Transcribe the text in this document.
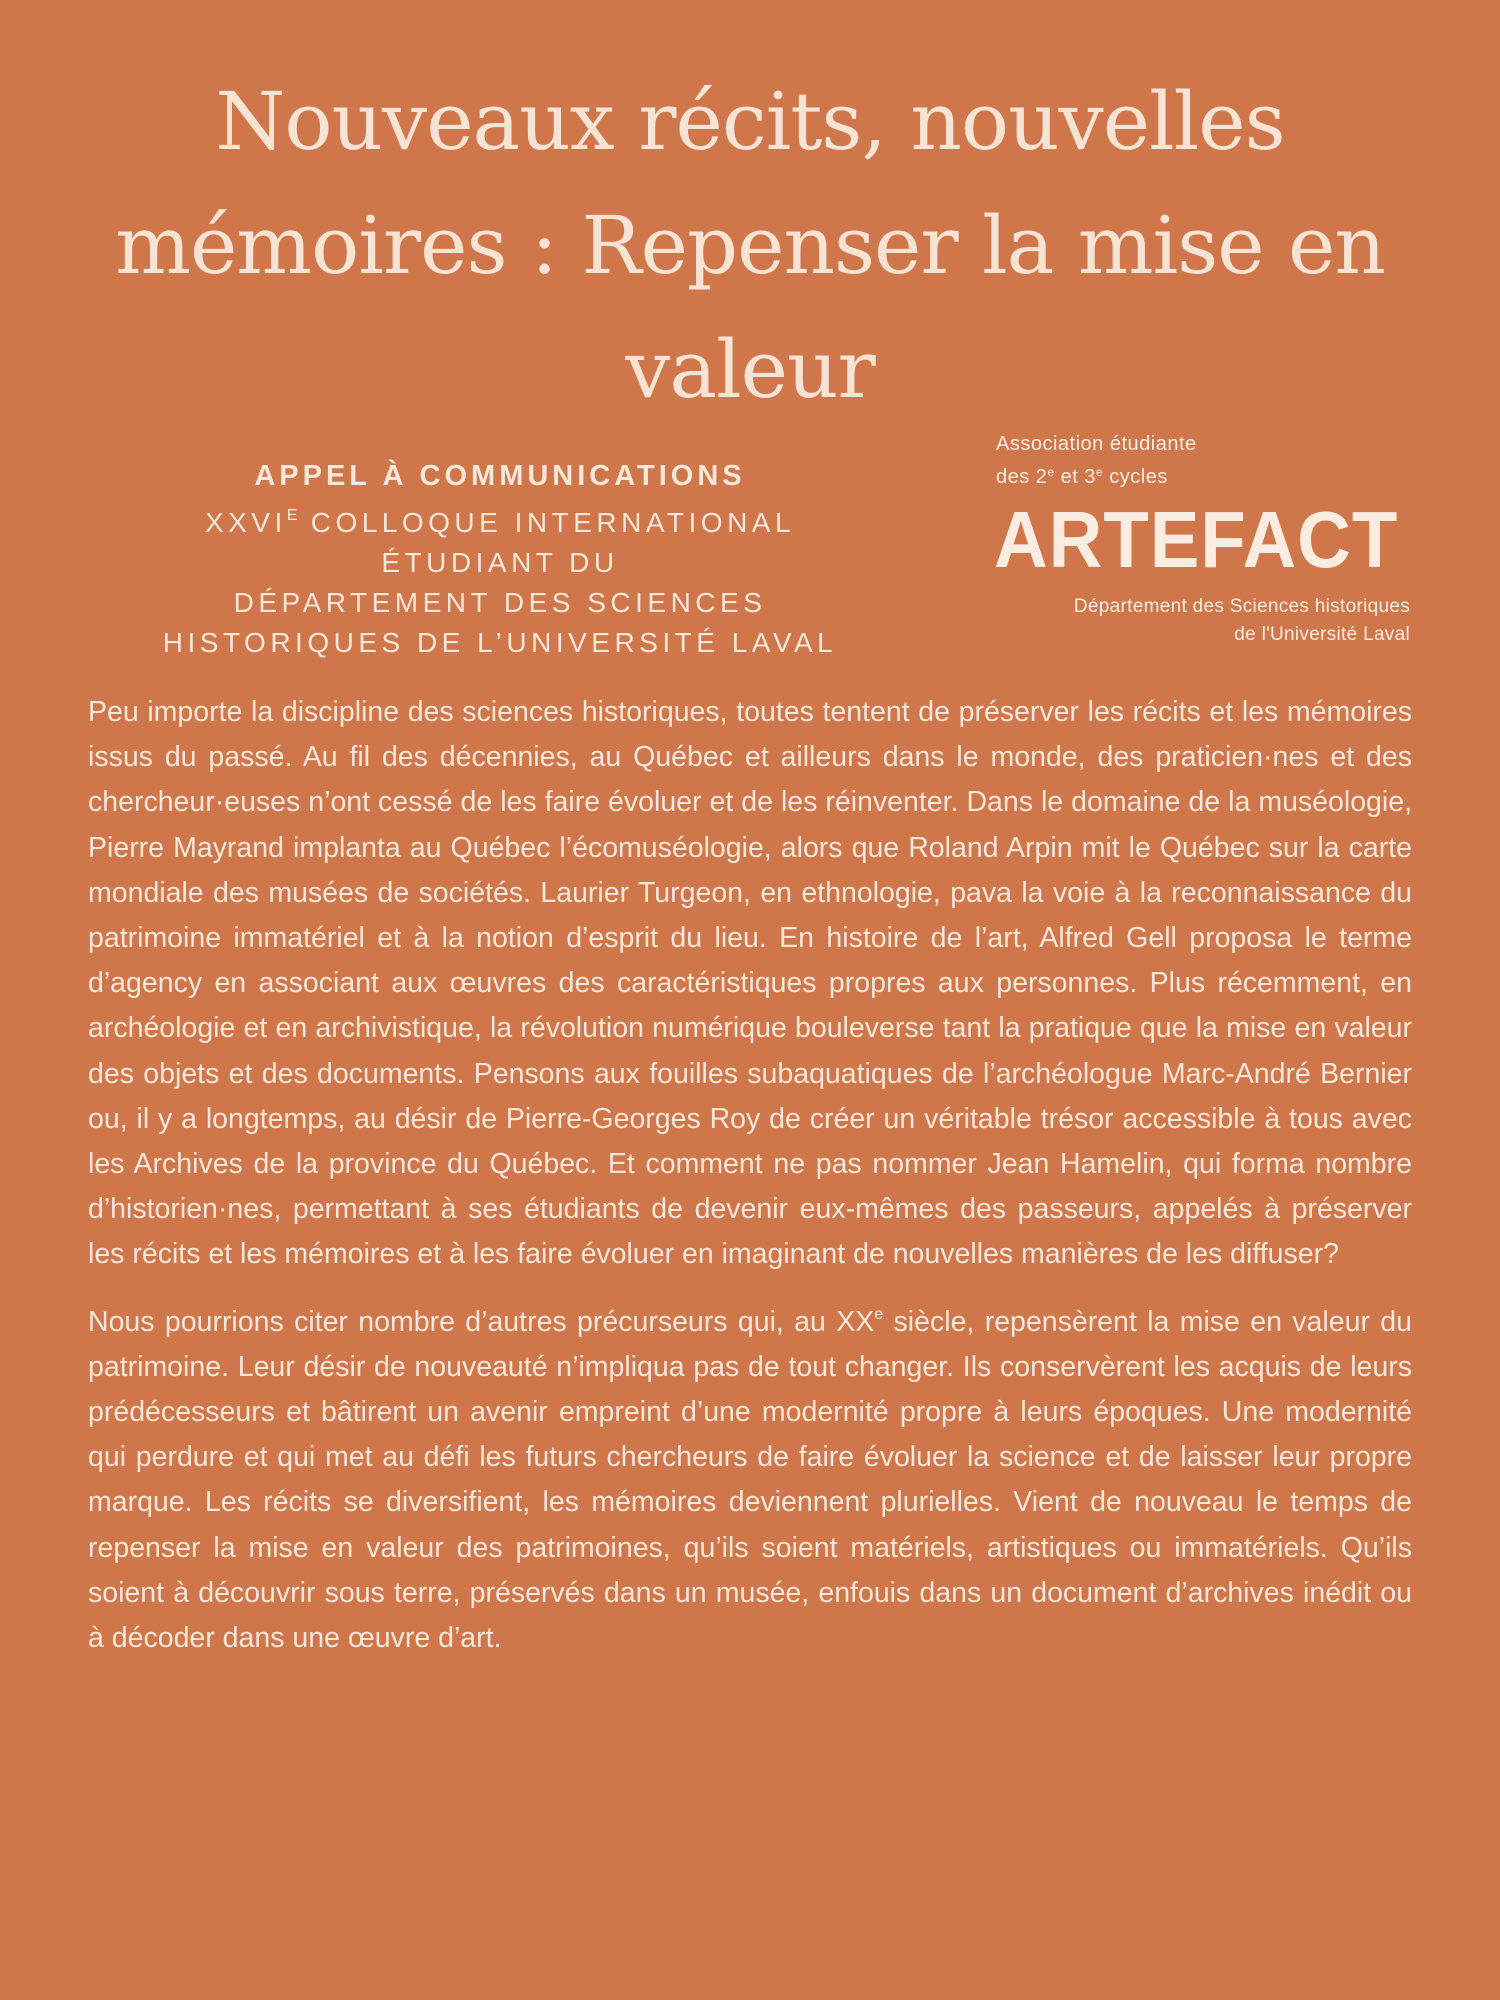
Nouveaux récits, nouvelles
mémoires : Repenser la mise en
valeur
APPEL À COMMUNICATIONS
$XXVI^E$ COLLOQUE INTERNATIONAL
ÉTUDIANT DU
DÉPARTEMENT DES SCIENCES
HISTORIQUES DE L’UNIVERSITÉ LAVAL
Association étudiante
des 2e et 3e cycles
ARTEFACT
Département des Sciences historiques
de l'Université Laval

Peu importe la discipline des sciences historiques, toutes tentent de préserver les récits et les mémoires issus du passé. Au fil des décennies, au Québec et ailleurs dans le monde, des praticien·nes et des chercheur·euses n’ont cessé de les faire évoluer et de les réinventer. Dans le domaine de la muséologie, Pierre Mayrand implanta au Québec l’écomuséologie, alors que Roland Arpin mit le Québec sur la carte mondiale des musées de sociétés. Laurier Turgeon, en ethnologie, pava la voie à la reconnaissance du patrimoine immatériel et à la notion d’esprit du lieu. En histoire de l’art, Alfred Gell proposa le terme d’agency en associant aux œuvres des caractéristiques propres aux personnes. Plus récemment, en archéologie et en archivistique, la révolution numérique bouleverse tant la pratique que la mise en valeur des objets et des documents. Pensons aux fouilles subaquatiques de l’archéologue Marc-André Bernier ou, il y a longtemps, au désir de Pierre-Georges Roy de créer un véritable trésor accessible à tous avec les Archives de la province du Québec. Et comment ne pas nommer Jean Hamelin, qui forma nombre d’historien·nes, permettant à ses étudiants de devenir eux-mêmes des passeurs, appelés à préserver les récits et les mémoires et à les faire évoluer en imaginant de nouvelles manières de les diffuser?

Nous pourrions citer nombre d’autres précurseurs qui, au XXe siècle, repensèrent la mise en valeur du patrimoine. Leur désir de nouveauté n’impliqua pas de tout changer. Ils conservèrent les acquis de leurs prédécesseurs et bâtirent un avenir empreint d’une modernité propre à leurs époques. Une modernité qui perdure et qui met au défi les futurs chercheurs de faire évoluer la science et de laisser leur propre marque. Les récits se diversifient, les mémoires deviennent plurielles. Vient de nouveau le temps de repenser la mise en valeur des patrimoines, qu’ils soient matériels, artistiques ou immatériels. Qu’ils soient à découvrir sous terre, préservés dans un musée, enfouis dans un document d’archives inédit ou à décoder dans une œuvre d’art.
